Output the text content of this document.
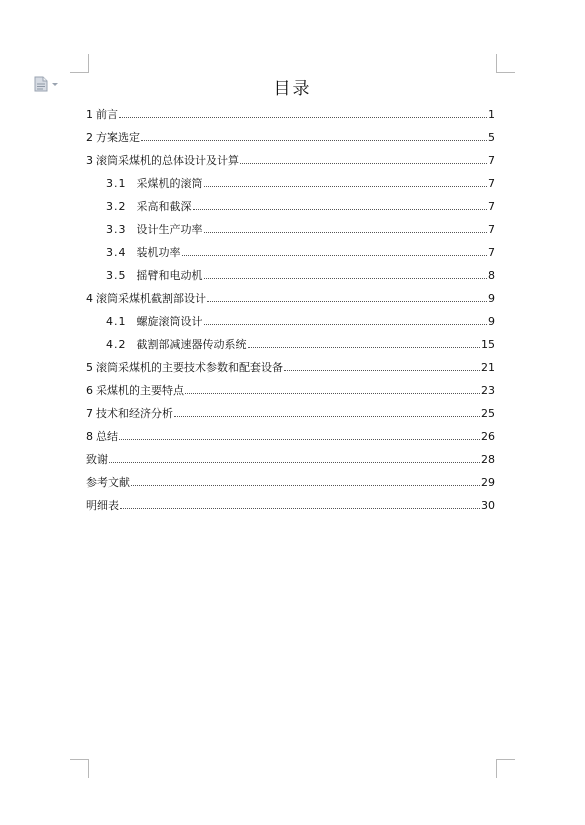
目录
1 前言	1
2 方案选定	5
3 滚筒采煤机的总体设计及计算	7
3.1 采煤机的滚筒	7
3.2 采高和截深	7
3.3 设计生产功率	7
3.4 装机功率	7
3.5 摇臂和电动机	8
4 滚筒采煤机截割部设计	9
4.1 螺旋滚筒设计	9
4.2 截割部减速器传动系统	15
5 滚筒采煤机的主要技术参数和配套设备	21
6 采煤机的主要特点	23
7 技术和经济分析	25
8 总结	26
致谢	28
参考文献	29
明细表	30
